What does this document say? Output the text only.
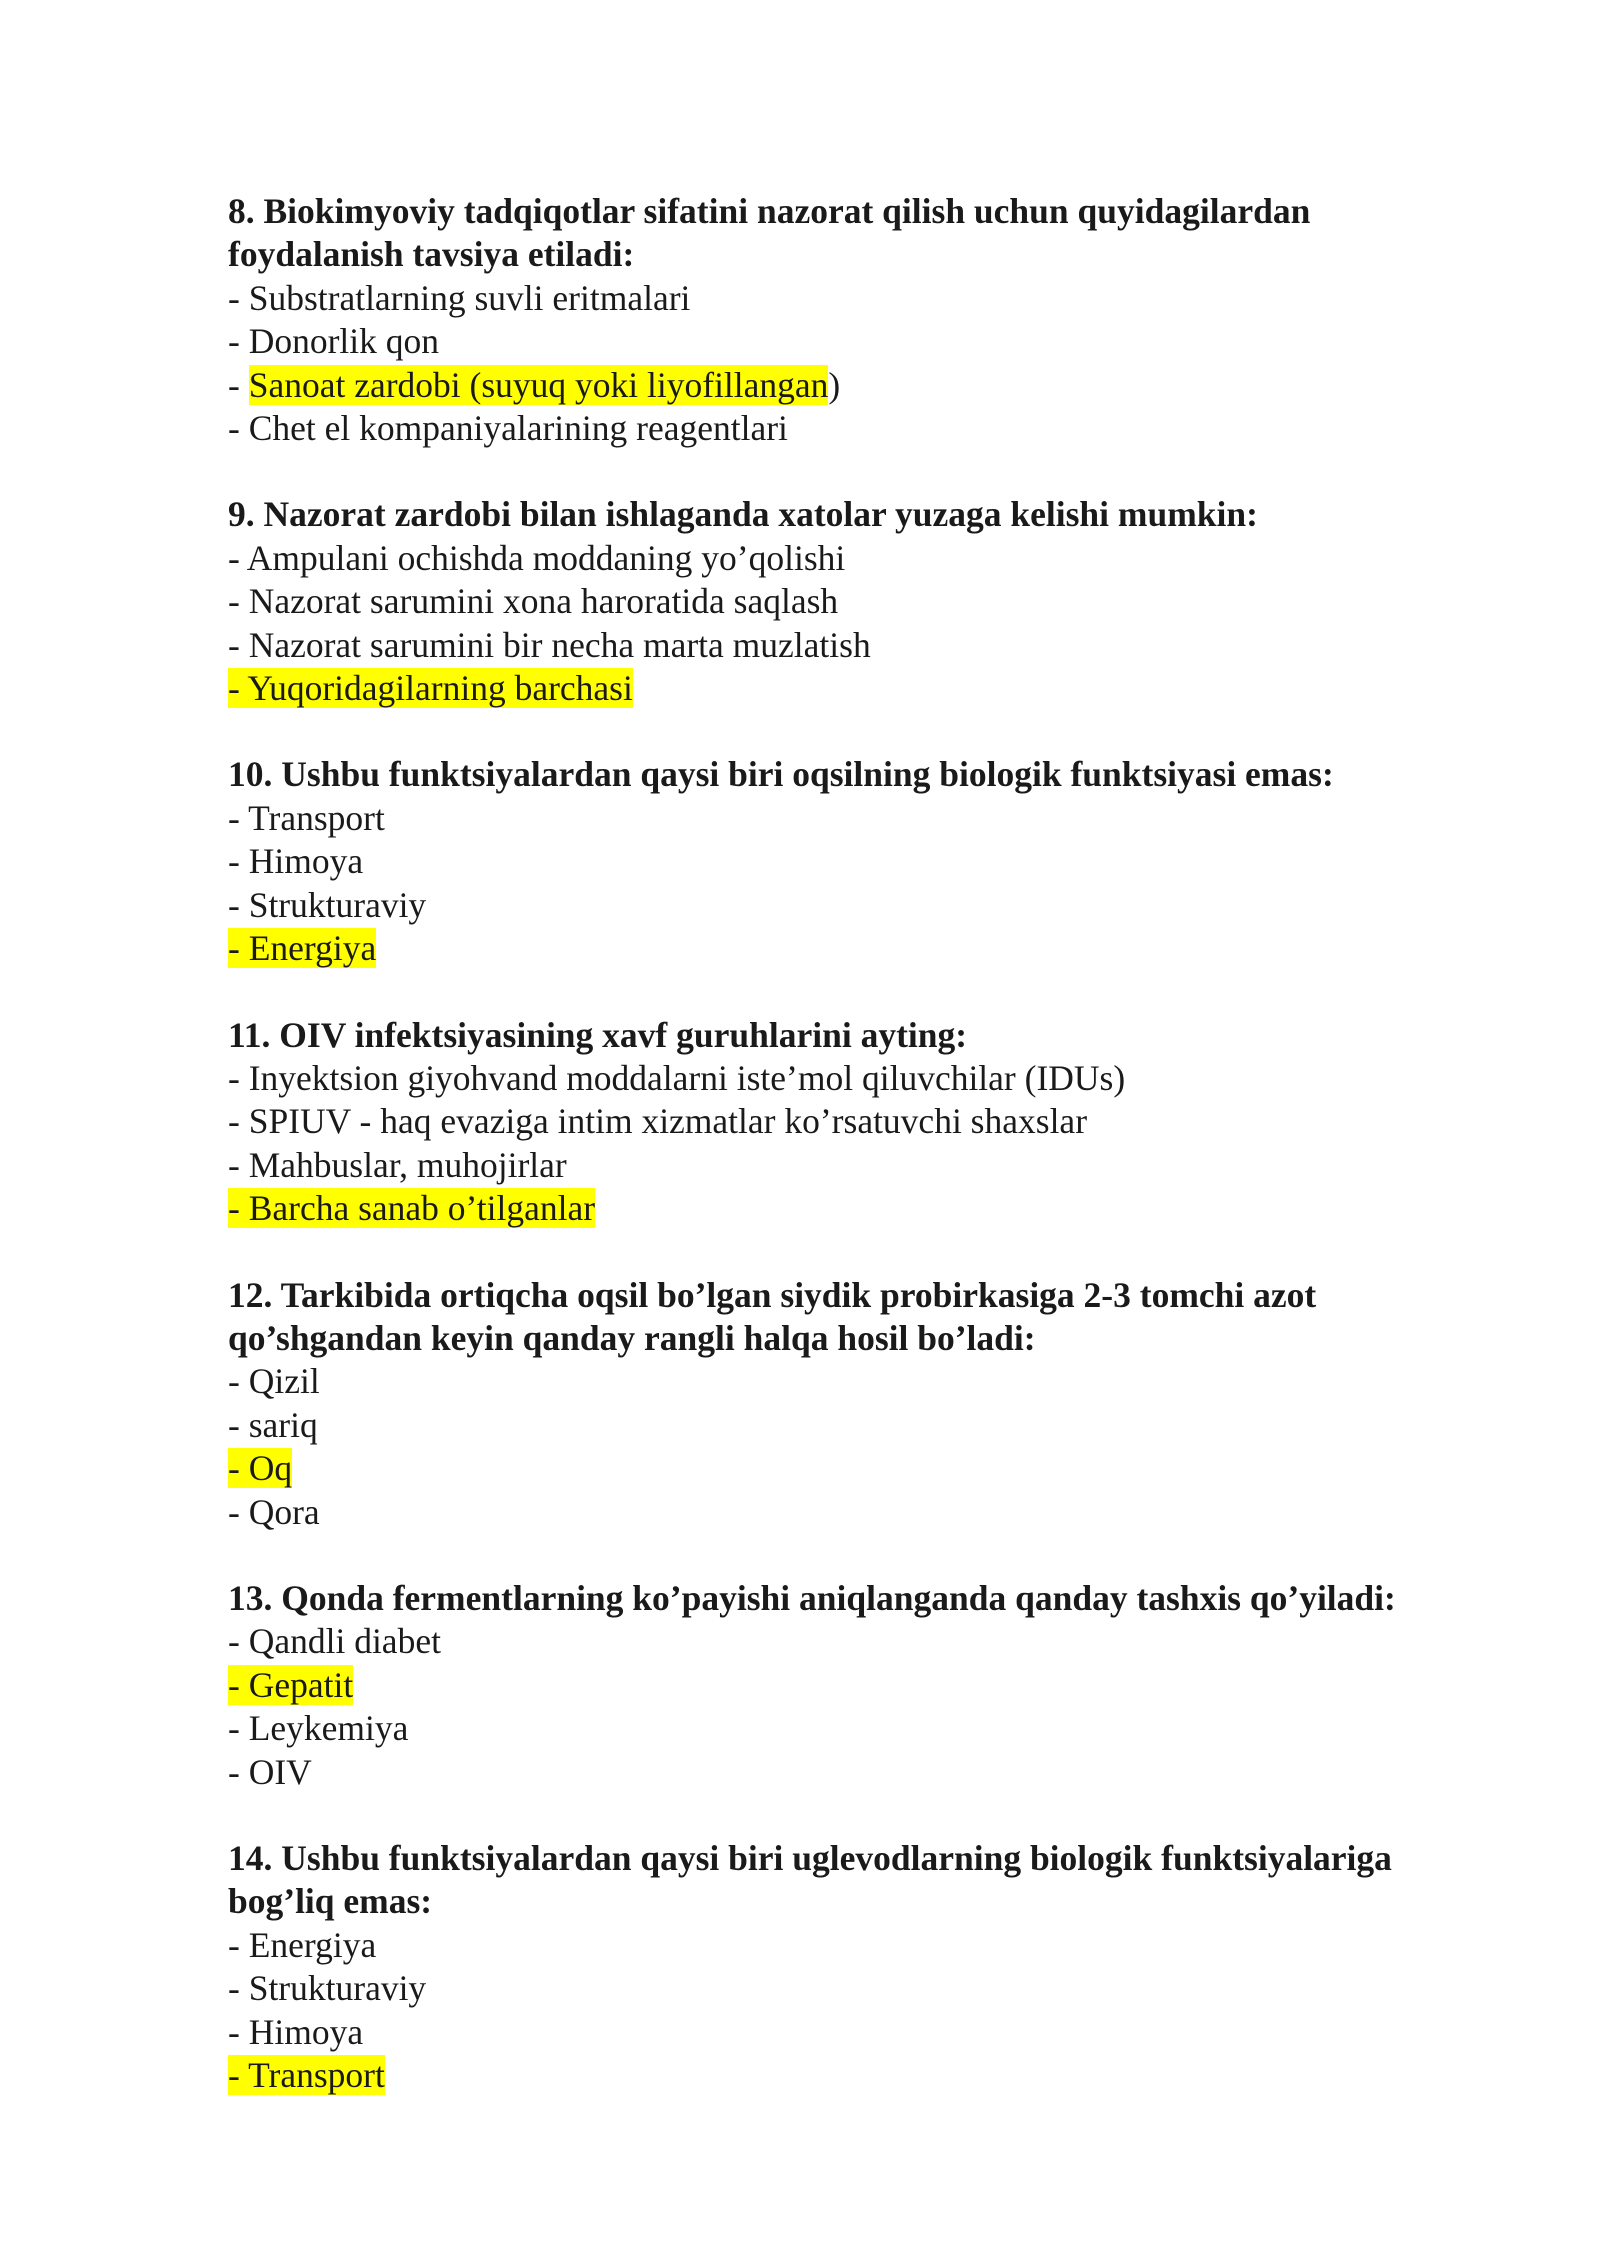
8. Biokimyoviy tadqiqotlar sifatini nazorat qilish uchun quyidagilardan foydalanish tavsiya etiladi:

- Substratlarning suvli eritmalari

- Donorlik qon

- Sanoat zardobi (suyuq yoki liyofillangan)

- Chet el kompaniyalarining reagentlari

9. Nazorat zardobi bilan ishlaganda xatolar yuzaga kelishi mumkin:

- Ampulani ochishda moddaning yo’qolishi

- Nazorat sarumini xona haroratida saqlash

- Nazorat sarumini bir necha marta muzlatish

- Yuqoridagilarning barchasi

10. Ushbu funktsiyalardan qaysi biri oqsilning biologik funktsiyasi emas:

- Transport

- Himoya

- Strukturaviy

- Energiya

11. OIV infektsiyasining xavf guruhlarini ayting:

- Inyektsion giyohvand moddalarni iste’mol qiluvchilar (IDUs)

- SPIUV - haq evaziga intim xizmatlar ko’rsatuvchi shaxslar

- Mahbuslar, muhojirlar

- Barcha sanab o’tilganlar

12. Tarkibida ortiqcha oqsil bo’lgan siydik probirkasiga 2-3 tomchi azot qo’shgandan keyin qanday rangli halqa hosil bo’ladi:

- Qizil

- sariq

- Oq

- Qora

13. Qonda fermentlarning ko’payishi aniqlanganda qanday tashxis qo’yiladi:

- Qandli diabet

- Gepatit

- Leykemiya

- OIV

14. Ushbu funktsiyalardan qaysi biri uglevodlarning biologik funktsiyalariga bog’liq emas:

- Energiya

- Strukturaviy

- Himoya

- Transport
